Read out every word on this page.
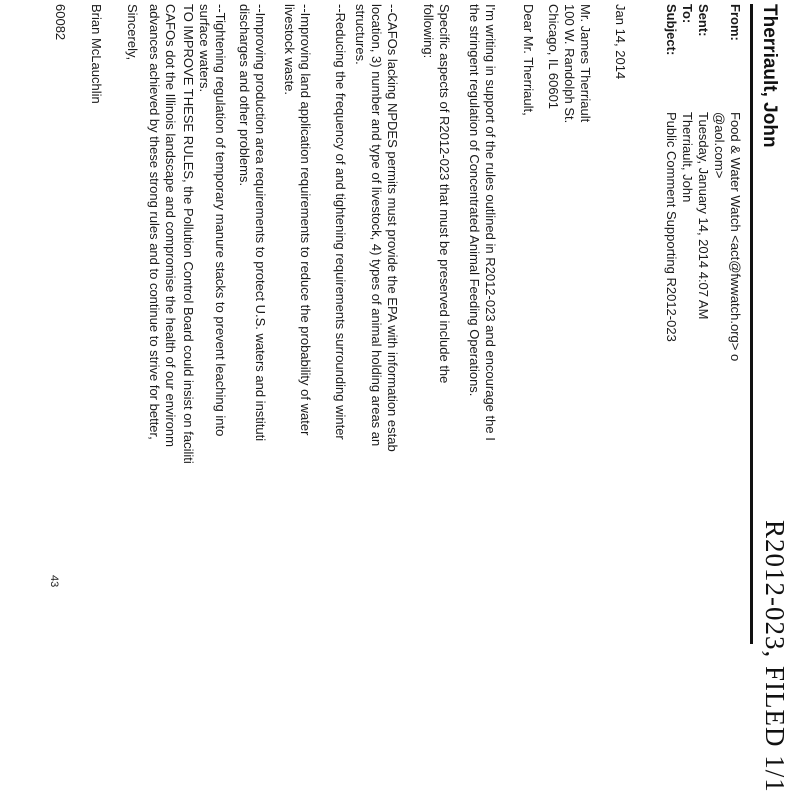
R2012-023, FILED 1/1
Therriault, John
From:
Food & Water Watch <act@fwwatch.org> o
@aol.com>
Sent:
Tuesday, January 14, 2014 4:07 AM
To:
Therriault, John
Subject:
Public Comment Supporting R2012-023
Jan 14, 2014
Mr. James Therriault
100 W. Randolph St.
Chicago, IL 60601
Dear Mr. Therriault,
I'm writing in support of the rules outlined in R2012-023 and encourage the I
the stringent regulation of Concentrated Animal Feeding Operations.
Specific aspects of R2012-023 that must be preserved include the
following:
--CAFOs lacking NPDES permits must provide the EPA with information estab
location, 3) number and type of livestock, 4) types of animal holding areas an
structures.
--Reducing the frequency of and tightening requirements surrounding winter
--Improving land application requirements to reduce the probability of water
livestock waste.
--Improving production area requirements to protect U.S. waters and instituti
discharges and other problems.
--Tightening regulation of temporary manure stacks to prevent leaching into
surface waters.
TO IMPROVE THESE RULES, the Pollution Control Board could insist on faciliti
CAFOs dot the Illinois landscape and compromise the health of our environm
advances achieved by these strong rules and to continue to strive for better,
Sincerely,
Brian McLauchlin
60082
43
